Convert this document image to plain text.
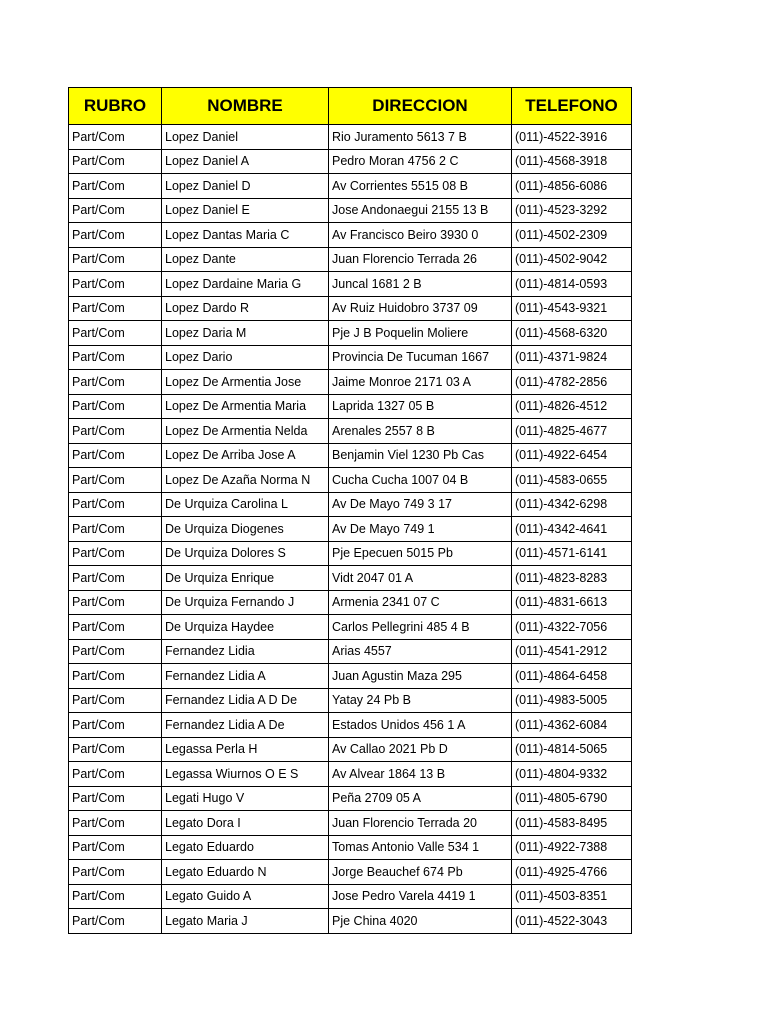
RUBRO	NOMBRE	DIRECCION	TELEFONO
Part/Com	Lopez Daniel	Rio Juramento 5613 7 B	(011)-4522-3916
Part/Com	Lopez Daniel A	Pedro Moran 4756 2 C	(011)-4568-3918
Part/Com	Lopez Daniel D	Av Corrientes 5515 08 B	(011)-4856-6086
Part/Com	Lopez Daniel E	Jose Andonaegui 2155 13 B	(011)-4523-3292
Part/Com	Lopez Dantas Maria C	Av Francisco Beiro 3930 0	(011)-4502-2309
Part/Com	Lopez Dante	Juan Florencio Terrada 26	(011)-4502-9042
Part/Com	Lopez Dardaine Maria G	Juncal 1681 2 B	(011)-4814-0593
Part/Com	Lopez Dardo R	Av Ruiz Huidobro 3737 09	(011)-4543-9321
Part/Com	Lopez Daria M	Pje J B Poquelin Moliere	(011)-4568-6320
Part/Com	Lopez Dario	Provincia De Tucuman 1667	(011)-4371-9824
Part/Com	Lopez De Armentia Jose	Jaime Monroe 2171 03 A	(011)-4782-2856
Part/Com	Lopez De Armentia Maria	Laprida 1327 05 B	(011)-4826-4512
Part/Com	Lopez De Armentia Nelda	Arenales 2557 8 B	(011)-4825-4677
Part/Com	Lopez De Arriba Jose A	Benjamin Viel 1230 Pb Cas	(011)-4922-6454
Part/Com	Lopez De Azaña Norma N	Cucha Cucha 1007 04 B	(011)-4583-0655
Part/Com	De Urquiza Carolina L	Av De Mayo 749 3 17	(011)-4342-6298
Part/Com	De Urquiza Diogenes	Av De Mayo 749 1	(011)-4342-4641
Part/Com	De Urquiza Dolores S	Pje Epecuen 5015 Pb	(011)-4571-6141
Part/Com	De Urquiza Enrique	Vidt 2047 01 A	(011)-4823-8283
Part/Com	De Urquiza Fernando J	Armenia 2341 07 C	(011)-4831-6613
Part/Com	De Urquiza Haydee	Carlos Pellegrini 485 4 B	(011)-4322-7056
Part/Com	Fernandez Lidia	Arias 4557	(011)-4541-2912
Part/Com	Fernandez Lidia A	Juan Agustin Maza 295	(011)-4864-6458
Part/Com	Fernandez Lidia A D De	Yatay 24 Pb B	(011)-4983-5005
Part/Com	Fernandez Lidia A De	Estados Unidos 456 1 A	(011)-4362-6084
Part/Com	Legassa Perla H	Av Callao 2021 Pb D	(011)-4814-5065
Part/Com	Legassa Wiurnos O E S	Av Alvear 1864 13 B	(011)-4804-9332
Part/Com	Legati Hugo V	Peña 2709 05 A	(011)-4805-6790
Part/Com	Legato Dora I	Juan Florencio Terrada 20	(011)-4583-8495
Part/Com	Legato Eduardo	Tomas Antonio Valle 534 1	(011)-4922-7388
Part/Com	Legato Eduardo N	Jorge Beauchef 674 Pb	(011)-4925-4766
Part/Com	Legato Guido A	Jose Pedro Varela 4419 1	(011)-4503-8351
Part/Com	Legato Maria J	Pje China 4020	(011)-4522-3043
